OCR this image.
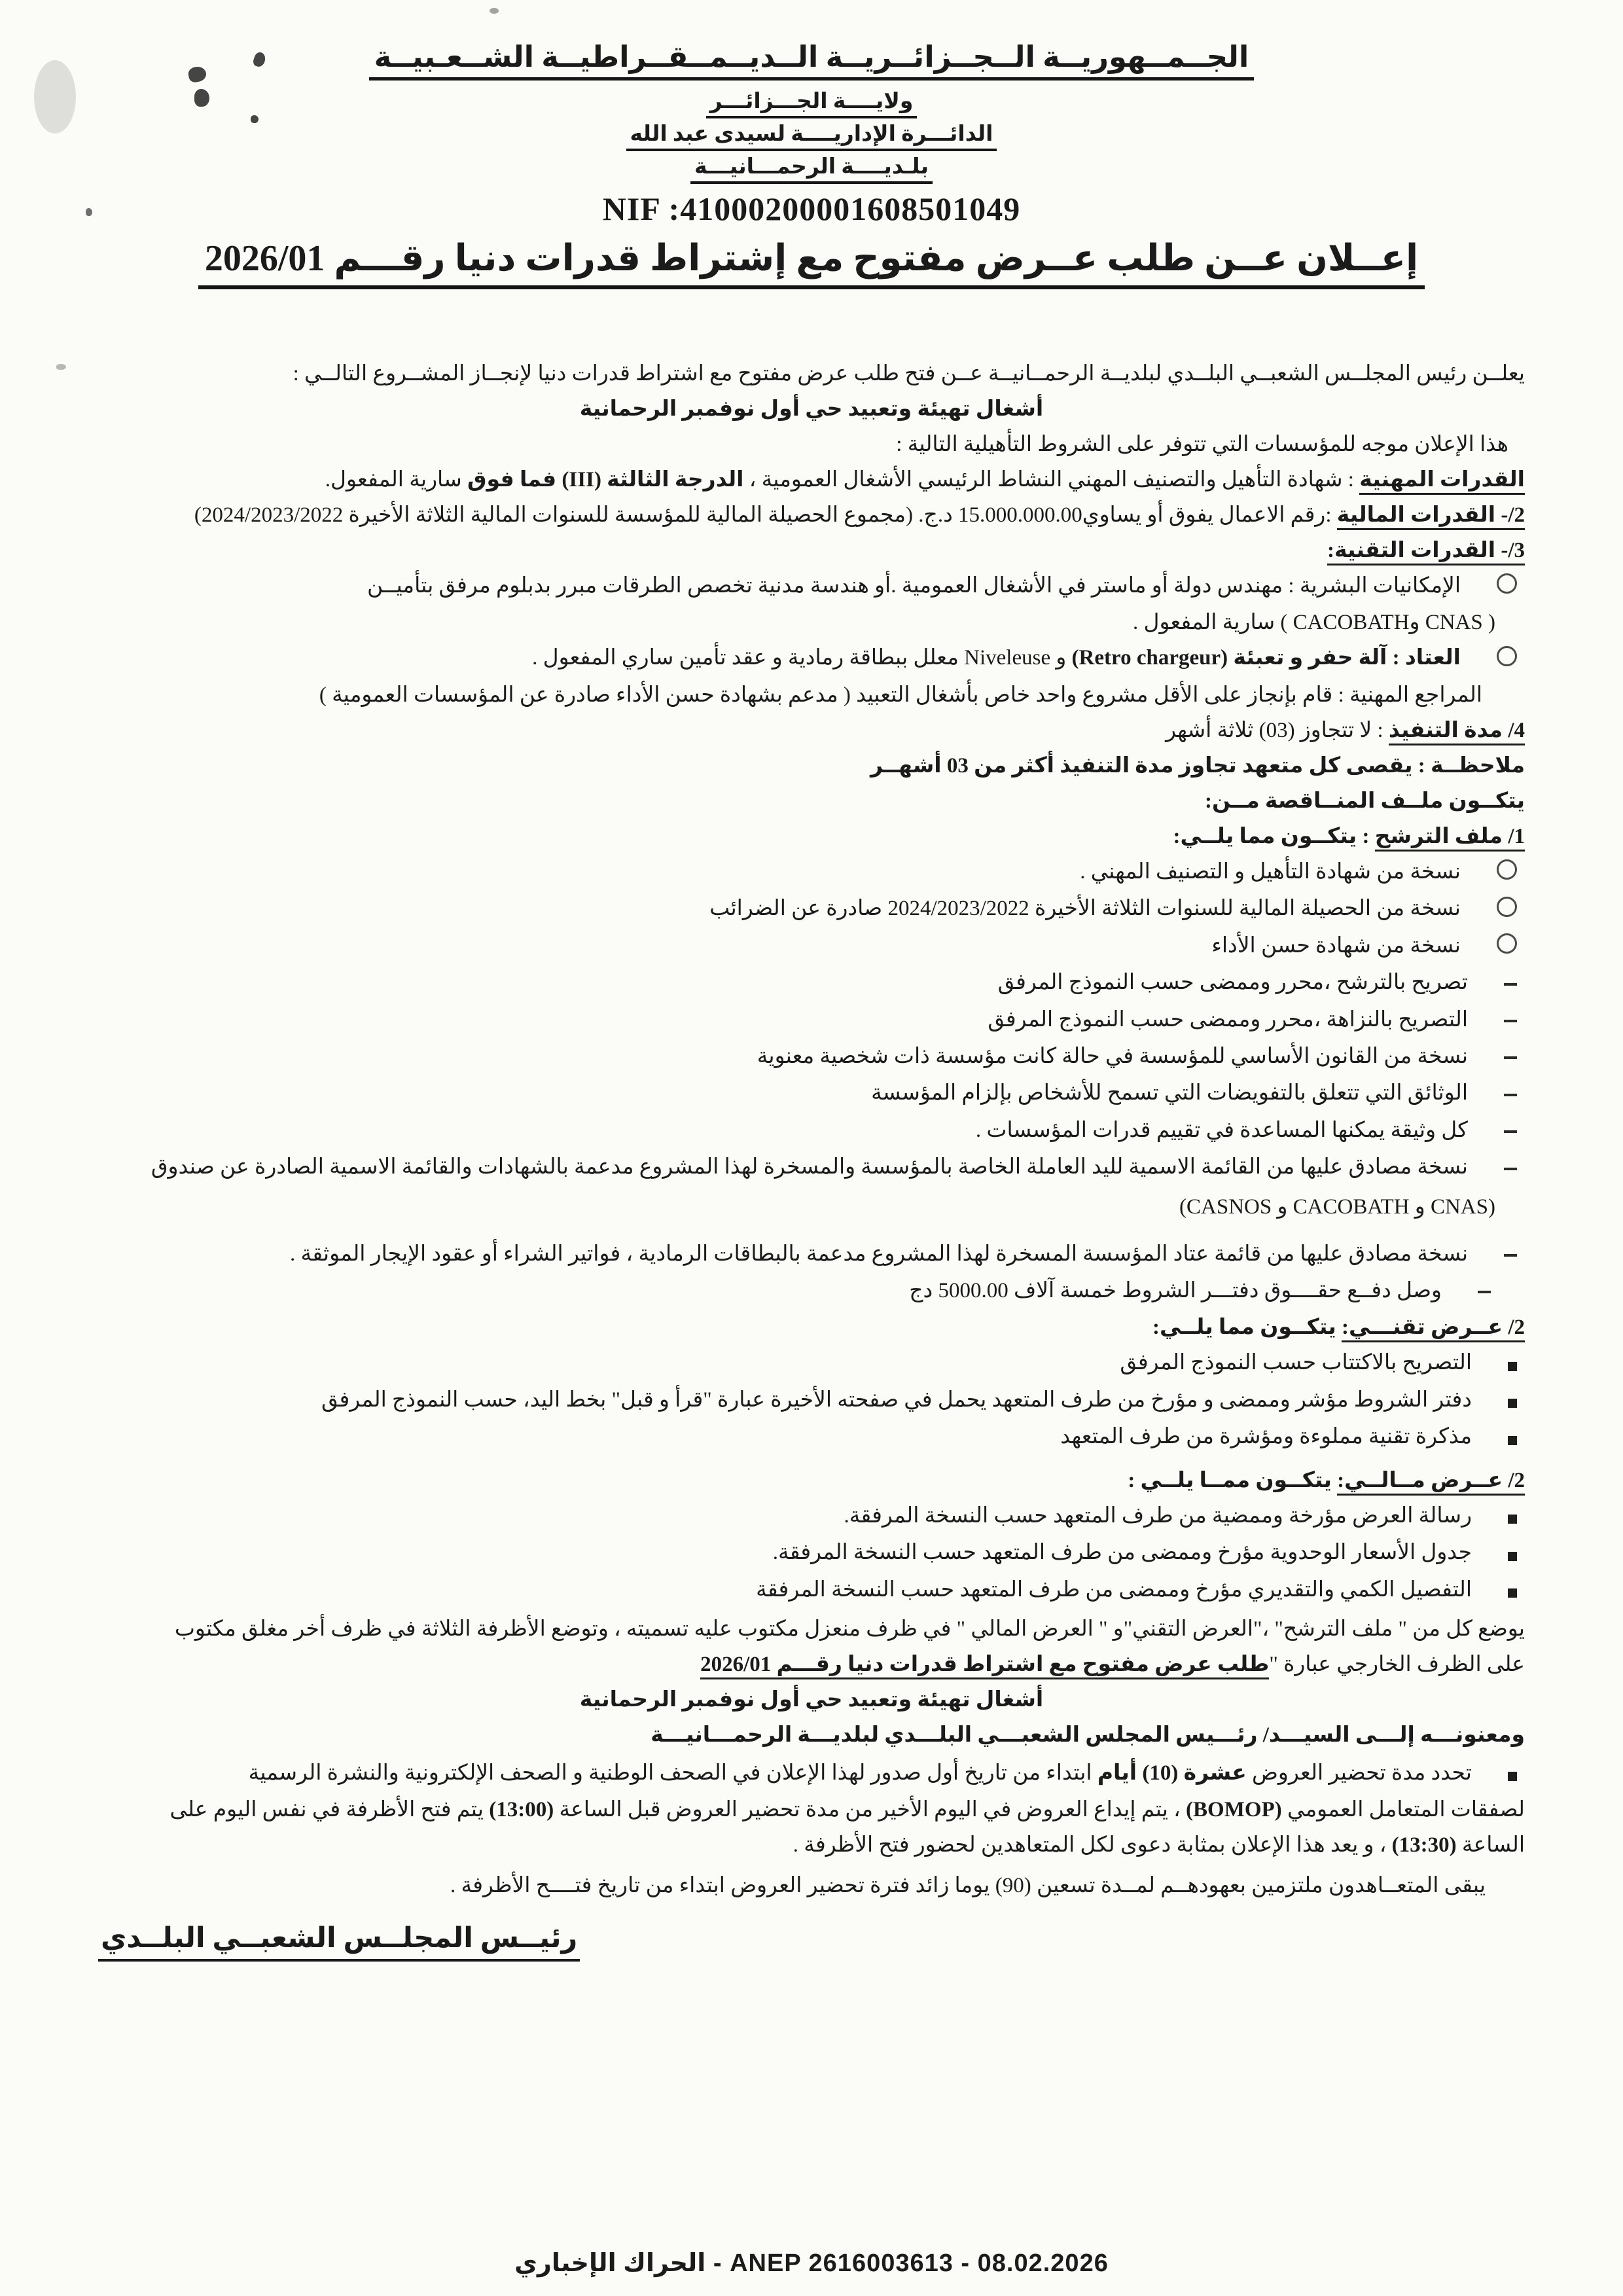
الجــمــهوريــة الــجــزائــريــة الــديــمــقــراطيــة الشــعـبيــة
ولايــــة الجـــزائـــر
الدائـــرة الإداريــــة لسيدى عبد الله
بلـديــــة الرحمـــانيـــة
NIF :41000200001608501049
إعــلان عــن طلب عــرض مفتوح مع إشتراط قدرات دنيا رقـــم 2026/01
يعلــن رئيس المجلــس الشعبــي البلــدي لبلديــة الرحمــانيــة عــن فتح طلب عرض مفتوح مع اشتراط قدرات دنيا لإنجــاز المشــروع التالــي :
أشغال تهيئة وتعبيد حي أول نوفمبر الرحمانية
هذا الإعلان موجه للمؤسسات التي تتوفر على الشروط التأهيلية التالية :
القدرات المهنية : شهادة التأهيل والتصنيف المهني النشاط الرئيسي الأشغال العمومية ، الدرجة الثالثة (III) فما فوق سارية المفعول.
2/- القدرات المالية :رقم الاعمال يفوق أو يساوي15.000.000.00 د.ج. (مجموع الحصيلة المالية للمؤسسة للسنوات المالية الثلاثة الأخيرة 2024/2023/2022)
3/- القدرات التقنية:
الإمكانيات البشرية : مهندس دولة أو ماستر في الأشغال العمومية .أو هندسة مدنية تخصص الطرقات مبرر بدبلوم مرفق بتأميــن
( CNAS وCACOBATH ) سارية المفعول .
العتاد : آلة حفر و تعبئة (Retro chargeur) و Niveleuse معلل ببطاقة رمادية و عقد تأمين ساري المفعول .
المراجع المهنية : قام بإنجاز على الأقل مشروع واحد خاص بأشغال التعبيد ( مدعم بشهادة حسن الأداء صادرة عن المؤسسات العمومية )
4/ مدة التنفيذ : لا تتجاوز (03) ثلاثة أشهر
ملاحظــة : يقصى كل متعهد تجاوز مدة التنفيذ أكثر من 03 أشهــر
يتكــون ملــف المنــاقصة مــن:
1/ ملف الترشح : يتكــون مما يلــي:
نسخة من شهادة التأهيل و التصنيف المهني .
نسخة من الحصيلة المالية للسنوات الثلاثة الأخيرة 2024/2023/2022 صادرة عن الضرائب
نسخة من شهادة حسن الأداء
تصريح بالترشح ،محرر وممضى حسب النموذج المرفق
التصريح بالنزاهة ،محرر وممضى حسب النموذج المرفق
نسخة من القانون الأساسي للمؤسسة في حالة كانت مؤسسة ذات شخصية معنوية
الوثائق التي تتعلق بالتفويضات التي تسمح للأشخاص بإلزام المؤسسة
كل وثيقة يمكنها المساعدة في تقييم قدرات المؤسسات .
نسخة مصادق عليها من القائمة الاسمية لليد العاملة الخاصة بالمؤسسة والمسخرة لهذا المشروع مدعمة بالشهادات والقائمة الاسمية الصادرة عن صندوق
(CNAS و CACOBATH و CASNOS)
نسخة مصادق عليها من قائمة عتاد المؤسسة المسخرة لهذا المشروع مدعمة بالبطاقات الرمادية ، فواتير الشراء أو عقود الإيجار الموثقة .
وصل دفــع حقــــوق دفتـــر الشروط خمسة آلاف 5000.00 دج
2/ عــرض تقنـــي: يتكــون مما يلــي:
التصريح بالاكتتاب حسب النموذج المرفق
دفتر الشروط مؤشر وممضى و مؤرخ من طرف المتعهد يحمل في صفحته الأخيرة عبارة "قرأ و قبل" بخط اليد، حسب النموذج المرفق
مذكرة تقنية مملوءة ومؤشرة من طرف المتعهد
2/ عــرض مــالــي: يتكــون ممــا يلــي :
رسالة العرض مؤرخة وممضية من طرف المتعهد حسب النسخة المرفقة.
جدول الأسعار الوحدوية مؤرخ وممضى من طرف المتعهد حسب النسخة المرفقة.
التفصيل الكمي والتقديري مؤرخ وممضى من طرف المتعهد حسب النسخة المرفقة
يوضع كل من " ملف الترشح" ،"العرض التقني"و " العرض المالي " في ظرف منعزل مكتوب عليه تسميته ، وتوضع الأظرفة الثلاثة في ظرف أخر مغلق مكتوب
على الظرف الخارجي عبارة "طلب عرض مفتوح مع اشتراط قدرات دنيا رقـــم 2026/01
أشغال تهيئة وتعبيد حي أول نوفمبر الرحمانية
ومعنونـــه إلـــى السيـــد/ رئـــيس المجلس الشعبـــي البلـــدي لبلديـــة الرحمـــانيـــة
تحدد مدة تحضير العروض عشرة (10) أيام ابتداء من تاريخ أول صدور لهذا الإعلان في الصحف الوطنية و الصحف الإلكترونية والنشرة الرسمية
لصفقات المتعامل العمومي (BOMOP) ، يتم إيداع العروض في اليوم الأخير من مدة تحضير العروض قبل الساعة (13:00) يتم فتح الأظرفة في نفس اليوم على
الساعة (13:30) ، و يعد هذا الإعلان بمثابة دعوى لكل المتعاهدين لحضور فتح الأظرفة .
يبقى المتعــاهدون ملتزمين بعهودهــم لمــدة تسعين (90) يوما زائد فترة تحضير العروض ابتداء من تاريخ فتــــح الأظرفة .
رئيــس المجلــس الشعبــي البلــدي
ANEP 2616003613 - 08.02.2026 - الحراك الإخباري
